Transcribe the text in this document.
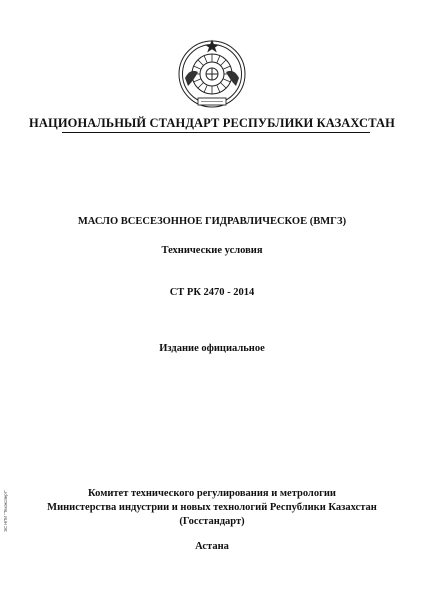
НАЦИОНАЛЬНЫЙ СТАНДАРТ РЕСПУБЛИКИ КАЗАХСТАН
МАСЛО ВСЕСЕЗОННОЕ ГИДРАВЛИЧЕСКОЕ (ВМГЗ)
Технические условия
СТ РК 2470 - 2014
Издание официальное
Комитет технического регулирования и метрологии
Министерства индустрии и новых технологий Республики Казахстан
(Госстандарт)
Астана
ЭС НПИ "Техэксперт"
